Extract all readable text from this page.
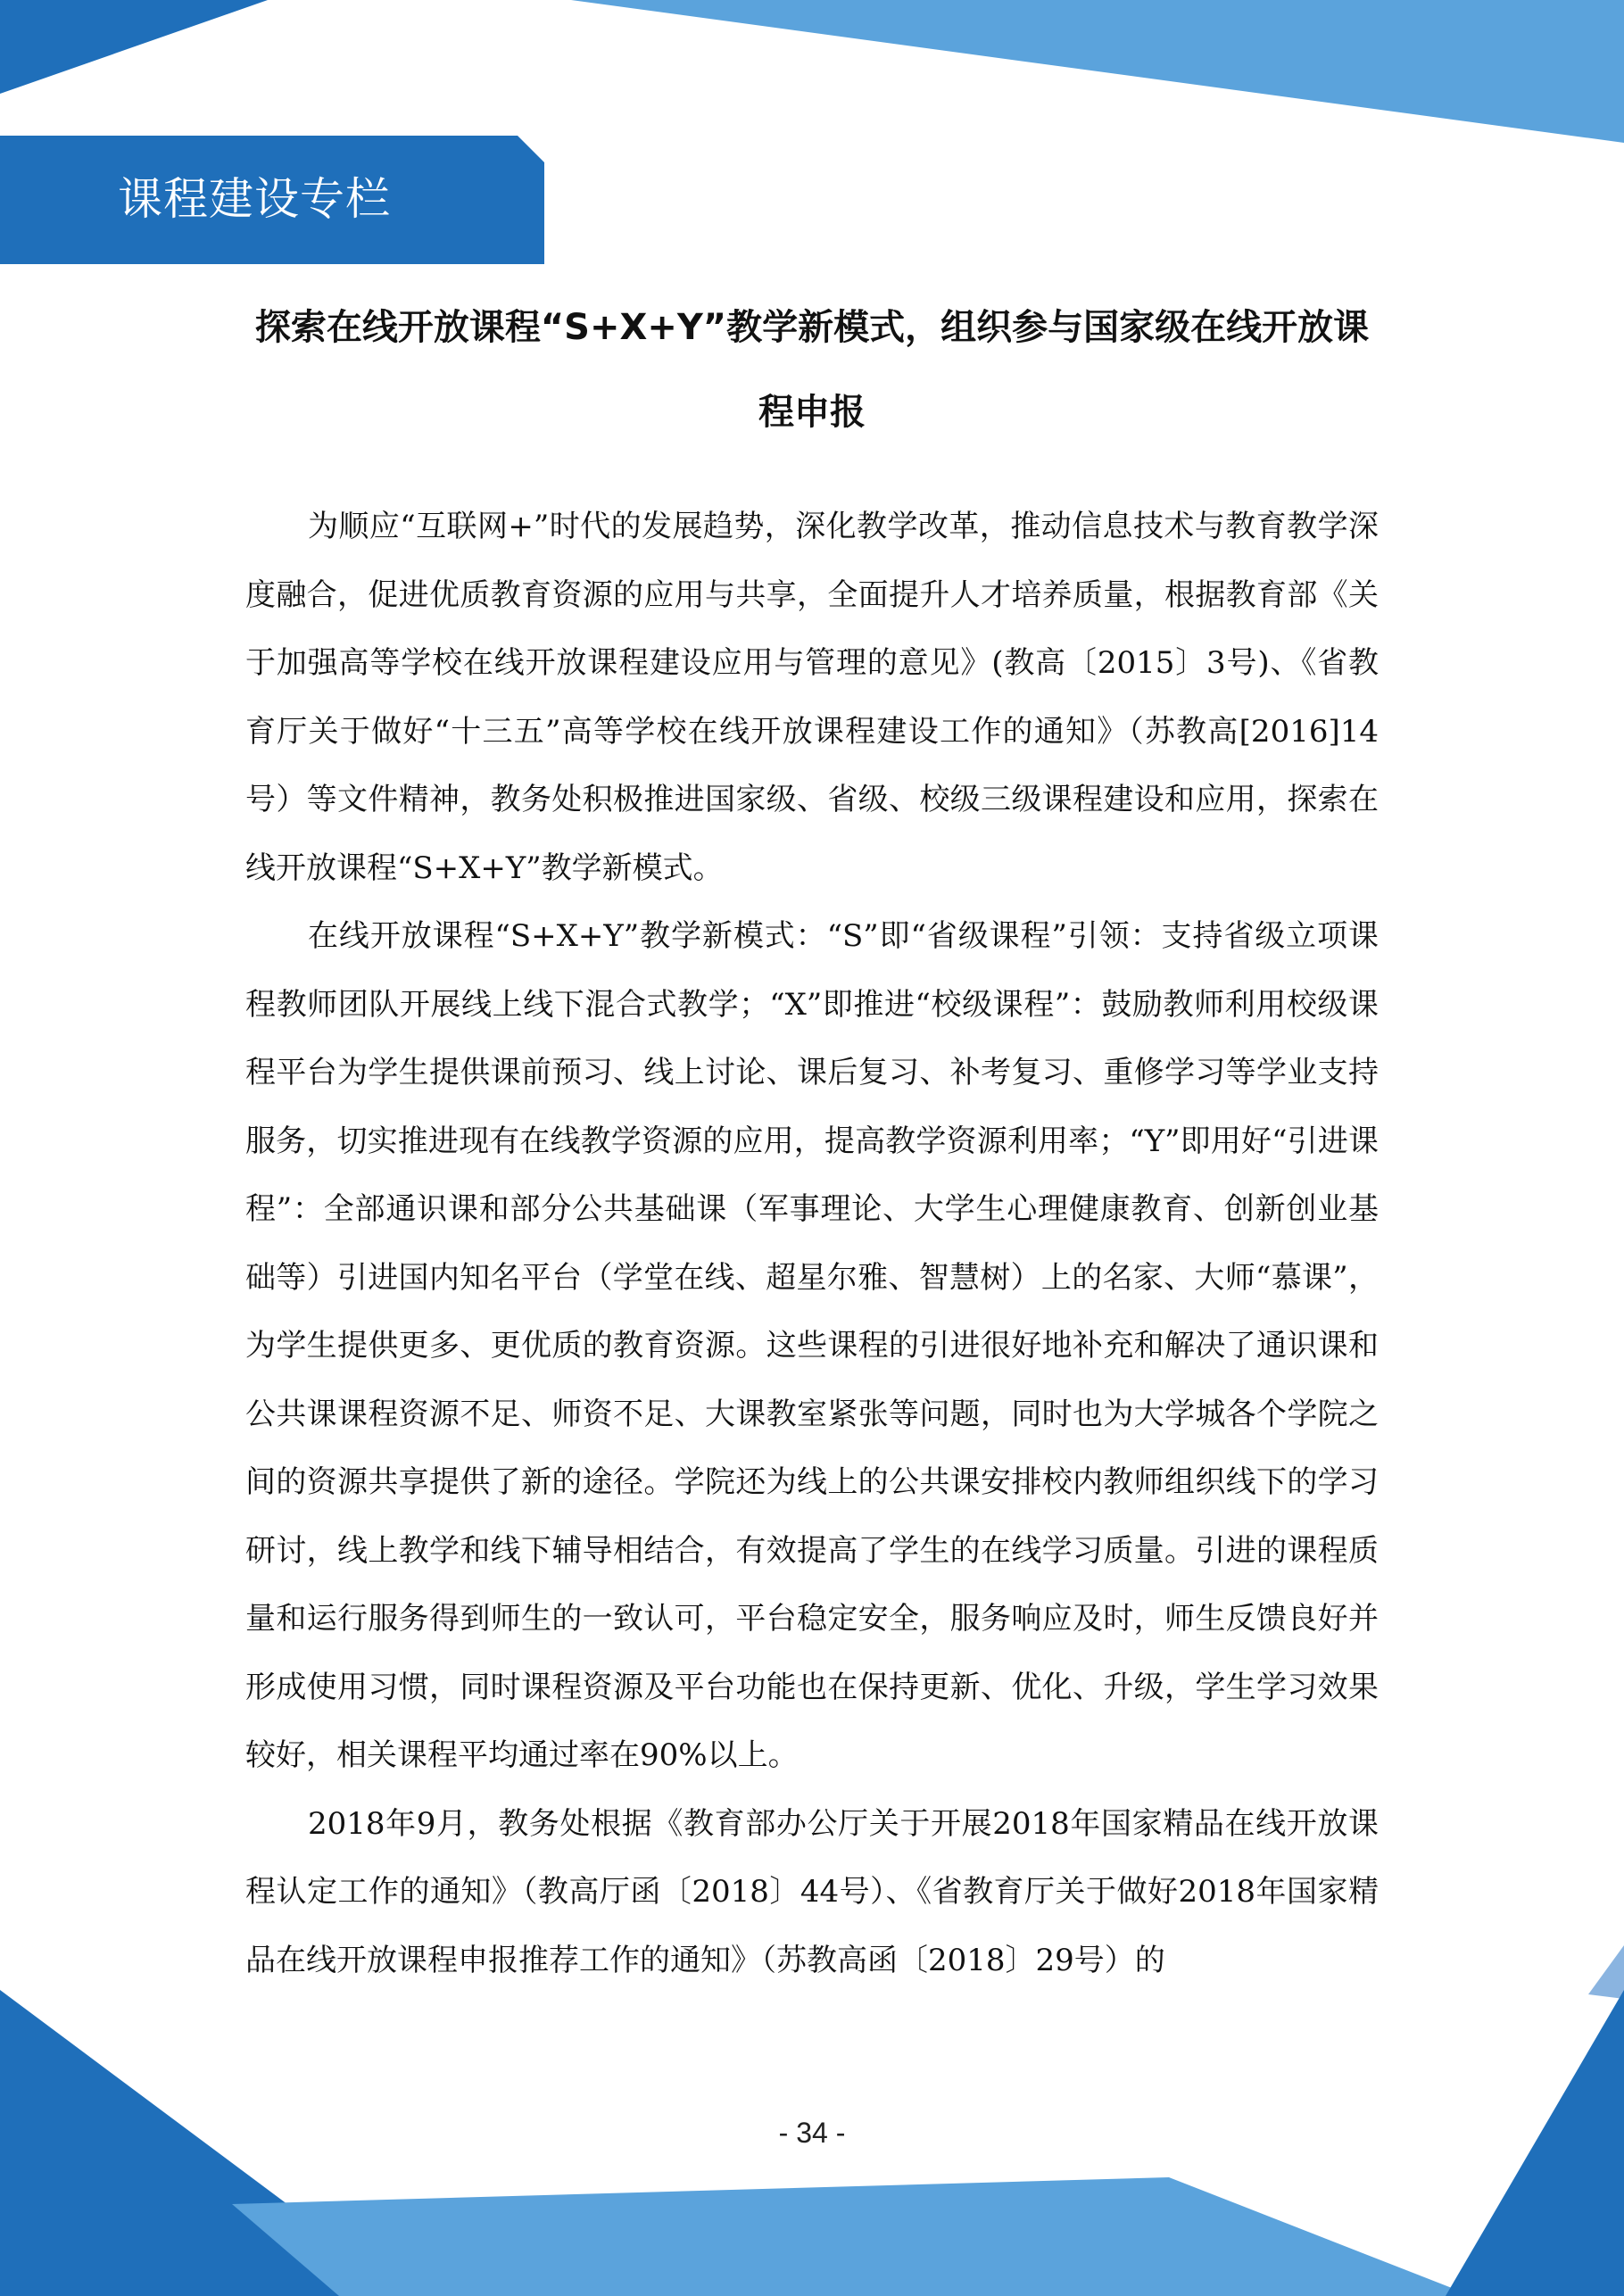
课程建设专栏
探索在线开放课程“S+X+Y”教学新模式，组织参与国家级在线开放课程申报

为顺应“互联网+”时代的发展趋势，深化教学改革，推动信息技术与教育教学深度融合，促进优质教育资源的应用与共享，全面提升人才培养质量，根据教育部《关于加强高等学校在线开放课程建设应用与管理的意见》(教高〔2015〕3号)、《省教育厅关于做好“十三五”高等学校在线开放课程建设工作的通知》（苏教高[2016]14号）等文件精神，教务处积极推进国家级、省级、校级三级课程建设和应用，探索在线开放课程“S+X+Y”教学新模式。

在线开放课程“S+X+Y”教学新模式：“S”即“省级课程”引领：支持省级立项课程教师团队开展线上线下混合式教学；“X”即推进“校级课程”：鼓励教师利用校级课程平台为学生提供课前预习、线上讨论、课后复习、补考复习、重修学习等学业支持服务，切实推进现有在线教学资源的应用，提高教学资源利用率；“Y”即用好“引进课程”：全部通识课和部分公共基础课（军事理论、大学生心理健康教育、创新创业基础等）引进国内知名平台（学堂在线、超星尔雅、智慧树）上的名家、大师“慕课”，为学生提供更多、更优质的教育资源。这些课程的引进很好地补充和解决了通识课和公共课课程资源不足、师资不足、大课教室紧张等问题，同时也为大学城各个学院之间的资源共享提供了新的途径。学院还为线上的公共课安排校内教师组织线下的学习研讨，线上教学和线下辅导相结合，有效提高了学生的在线学习质量。引进的课程质量和运行服务得到师生的一致认可，平台稳定安全，服务响应及时，师生反馈良好并形成使用习惯，同时课程资源及平台功能也在保持更新、优化、升级，学生学习效果较好，相关课程平均通过率在90%以上。

2018年9月，教务处根据《教育部办公厅关于开展2018年国家精品在线开放课程认定工作的通知》（教高厅函〔2018〕44号）、《省教育厅关于做好2018年国家精品在线开放课程申报推荐工作的通知》（苏教高函〔2018〕29号）的

- 34 -
